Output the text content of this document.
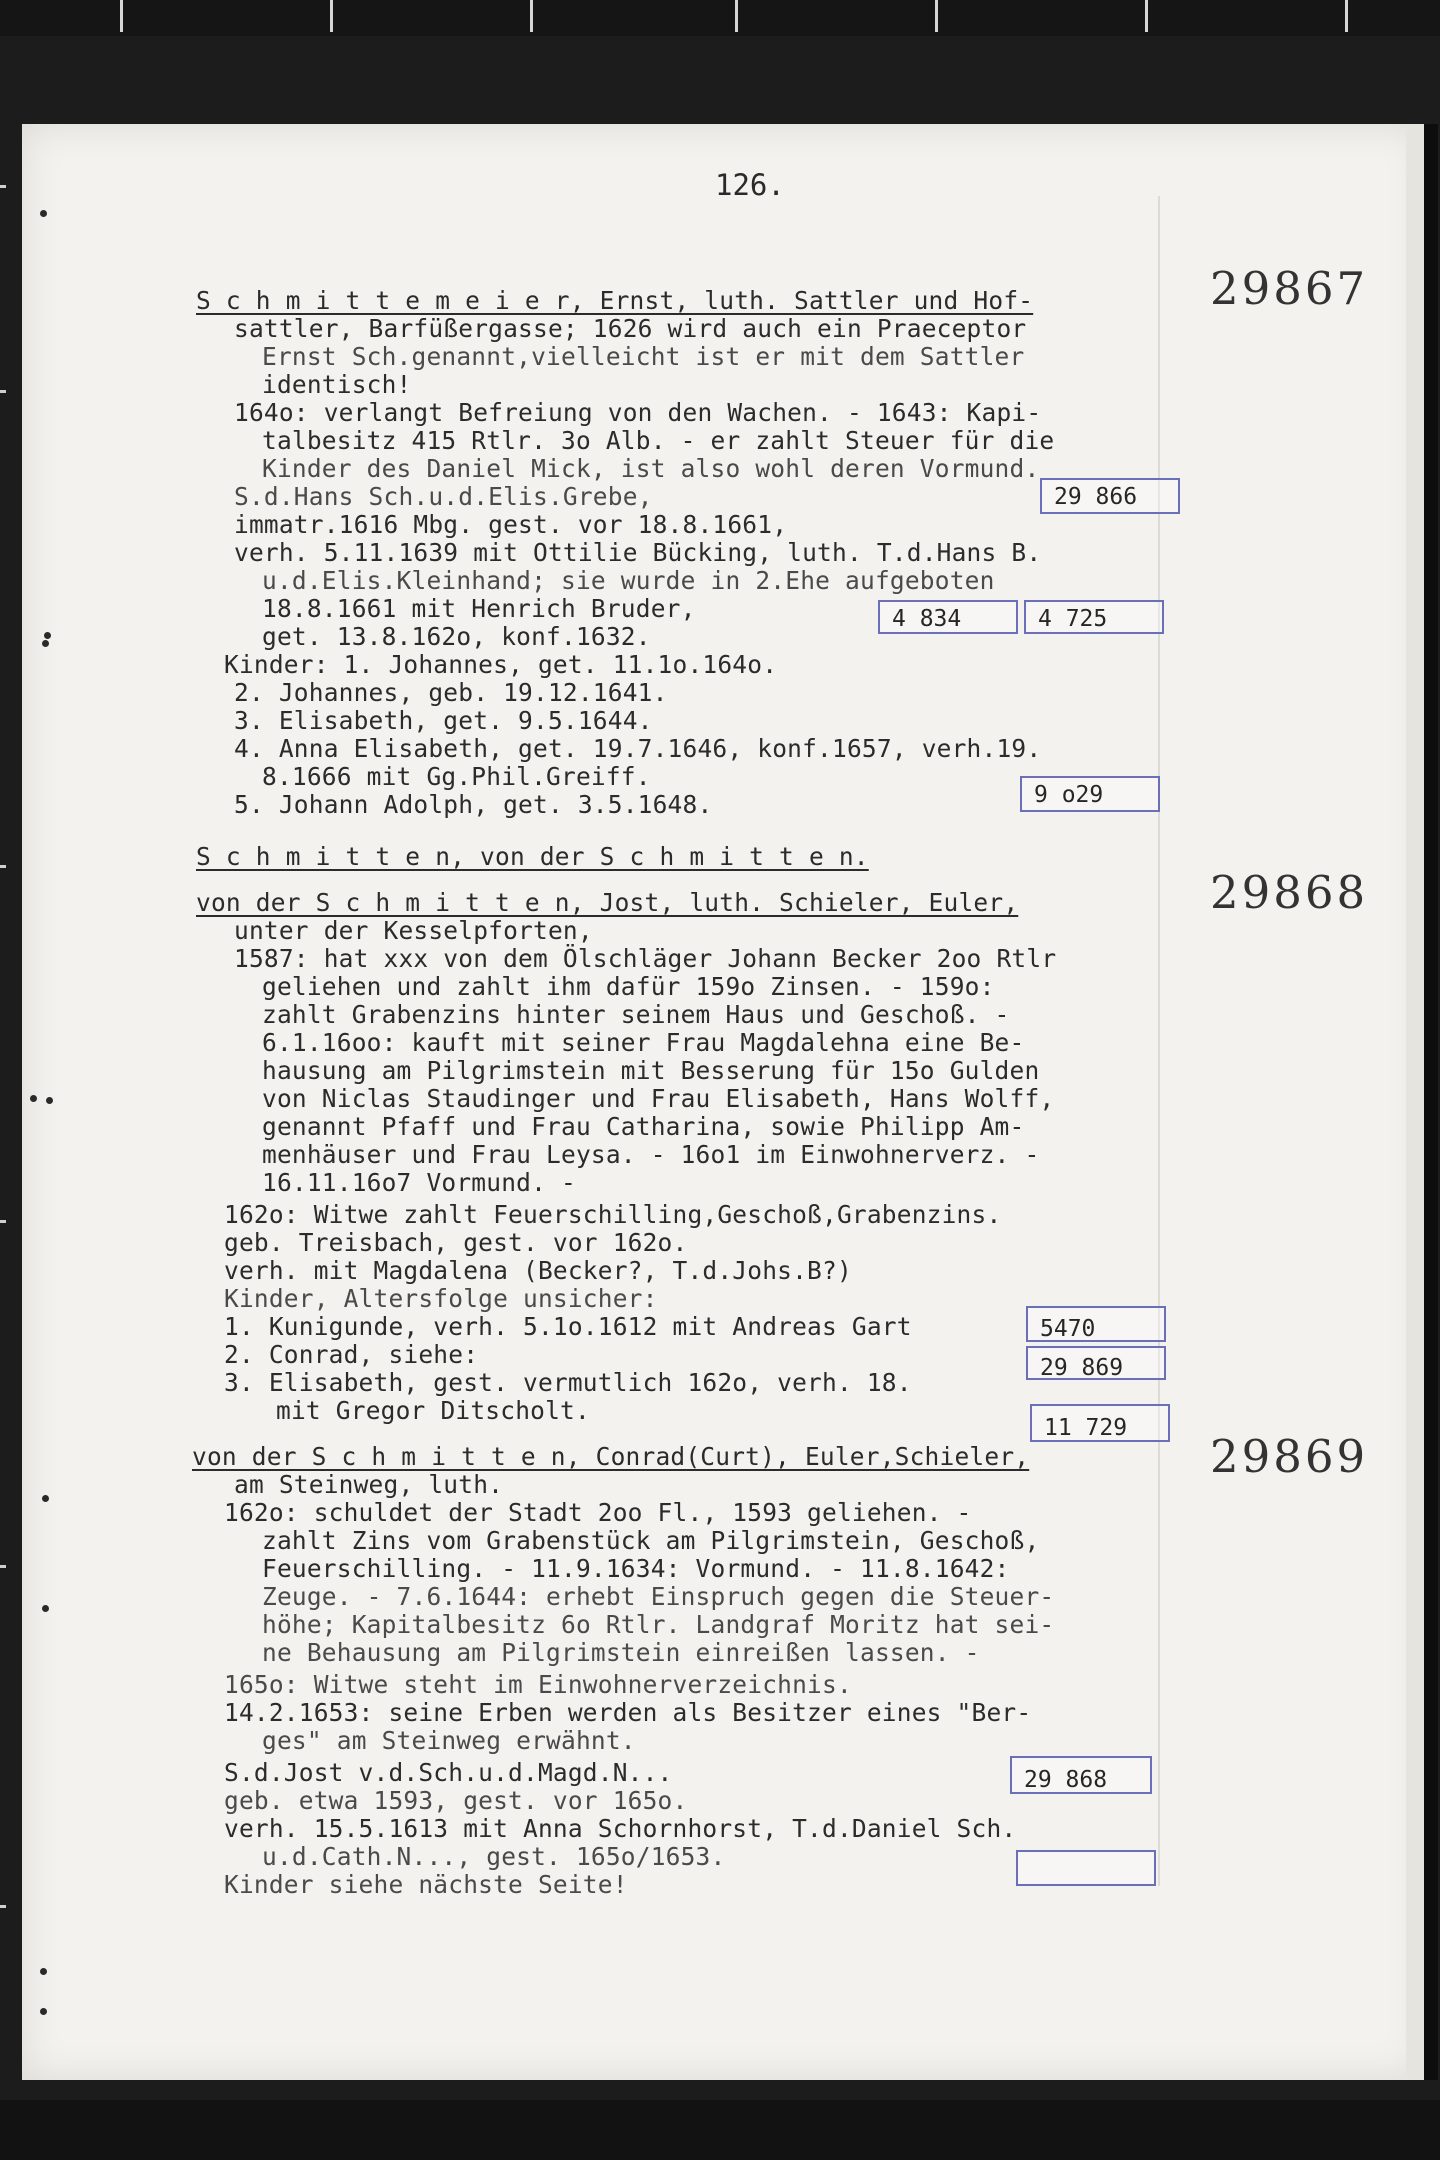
126.
29867
29868
29869
S c h m i t t e m e i e r, Ernst, luth. Sattler und Hof-
sattler, Barfüßergasse; 1626 wird auch ein Praeceptor
Ernst Sch.genannt,vielleicht ist er mit dem Sattler
identisch!
164o: verlangt Befreiung von den Wachen. - 1643: Kapi-
talbesitz 415 Rtlr. 3o Alb. - er zahlt Steuer für die
Kinder des Daniel Mick, ist also wohl deren Vormund.
S.d.Hans Sch.u.d.Elis.Grebe,
immatr.1616 Mbg. gest. vor 18.8.1661,
verh. 5.11.1639 mit Ottilie Bücking, luth. T.d.Hans B.
u.d.Elis.Kleinhand; sie wurde in 2.Ehe aufgeboten
18.8.1661 mit Henrich Bruder,
get. 13.8.162o, konf.1632.
Kinder: 1. Johannes, get. 11.1o.164o.
2. Johannes, geb. 19.12.1641.
3. Elisabeth, get. 9.5.1644.
4. Anna Elisabeth, get. 19.7.1646, konf.1657, verh.19.
8.1666 mit Gg.Phil.Greiff.
5. Johann Adolph, get. 3.5.1648.
S c h m i t t e n, von der S c h m i t t e n.
von der S c h m i t t e n, Jost, luth. Schieler, Euler,
unter der Kesselpforten,
1587: hat xxx von dem Ölschläger Johann Becker 2oo Rtlr
geliehen und zahlt ihm dafür 159o Zinsen. - 159o:
zahlt Grabenzins hinter seinem Haus und Geschoß. -
6.1.16oo: kauft mit seiner Frau Magdalehna eine Be-
hausung am Pilgrimstein mit Besserung für 15o Gulden
von Niclas Staudinger und Frau Elisabeth, Hans Wolff,
genannt Pfaff und Frau Catharina, sowie Philipp Am-
menhäuser und Frau Leysa. - 16o1 im Einwohnerverz. -
16.11.16o7 Vormund. -
162o: Witwe zahlt Feuerschilling,Geschoß,Grabenzins.
geb. Treisbach, gest. vor 162o.
verh. mit Magdalena (Becker?, T.d.Johs.B?)
Kinder, Altersfolge unsicher:
1. Kunigunde, verh. 5.1o.1612 mit Andreas Gart
2. Conrad, siehe:
3. Elisabeth, gest. vermutlich 162o, verh. 18.
mit Gregor Ditscholt.
von der S c h m i t t e n, Conrad(Curt), Euler,Schieler,
am Steinweg, luth.
162o: schuldet der Stadt 2oo Fl., 1593 geliehen. -
zahlt Zins vom Grabenstück am Pilgrimstein, Geschoß,
Feuerschilling. - 11.9.1634: Vormund. - 11.8.1642:
Zeuge. - 7.6.1644: erhebt Einspruch gegen die Steuer-
höhe; Kapitalbesitz 6o Rtlr. Landgraf Moritz hat sei-
ne Behausung am Pilgrimstein einreißen lassen. -
165o: Witwe steht im Einwohnerverzeichnis.
14.2.1653: seine Erben werden als Besitzer eines "Ber-
ges" am Steinweg erwähnt.
S.d.Jost v.d.Sch.u.d.Magd.N...
geb. etwa 1593, gest. vor 165o.
verh. 15.5.1613 mit Anna Schornhorst, T.d.Daniel Sch.
u.d.Cath.N..., gest. 165o/1653.
Kinder siehe nächste Seite!
29 866
4 834	4 725
9 o29
5470
29 869
11 729
29 868
